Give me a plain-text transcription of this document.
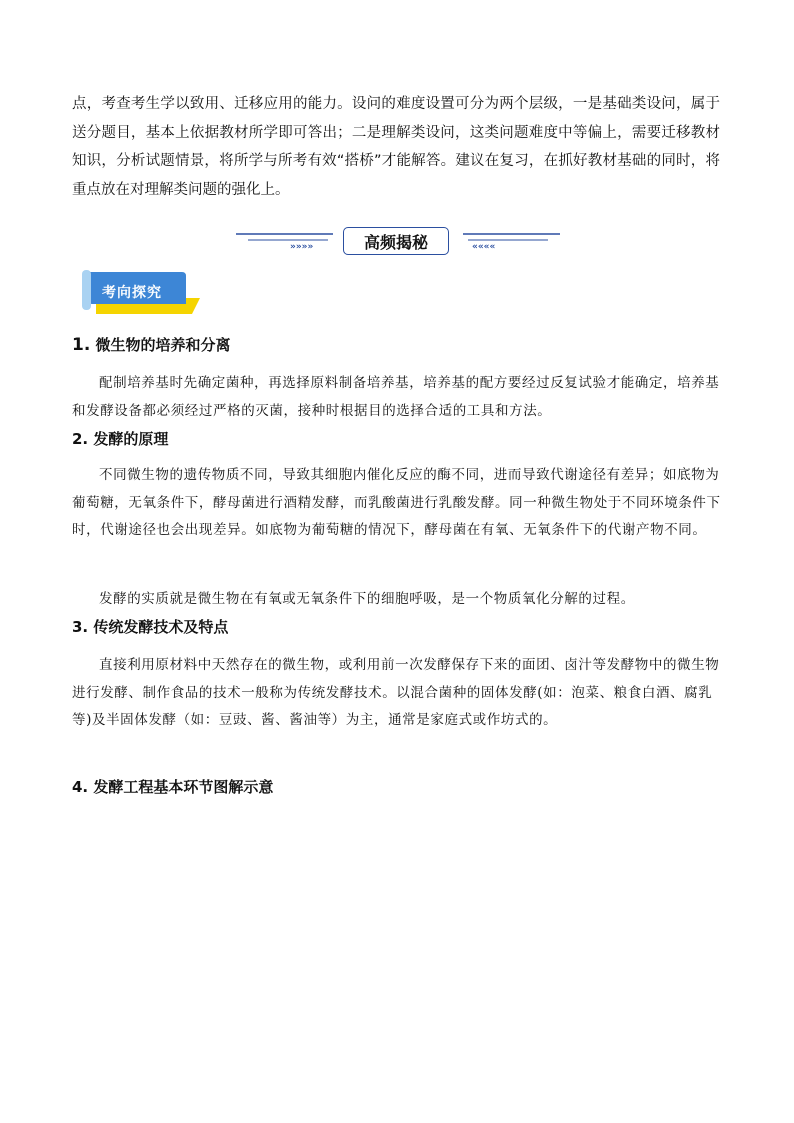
点，考查考生学以致用、迁移应用的能力。设问的难度设置可分为两个层级，一是基础类设问，属于送分题目，基本上依据教材所学即可答出；二是理解类设问，这类问题难度中等偏上，需要迁移教材知识，分析试题情景，将所学与所考有效“搭桥”才能解答。建议在复习，在抓好教材基础的同时，将重点放在对理解类问题的强化上。

»»»»	««««
高频揭秘
考向探究

1. 微生物的培养和分离

配制培养基时先确定菌种，再选择原料制备培养基，培养基的配方要经过反复试验才能确定，培养基和发酵设备都必须经过严格的灭菌，接种时根据目的选择合适的工具和方法。

2. 发酵的原理

不同微生物的遗传物质不同，导致其细胞内催化反应的酶不同，进而导致代谢途径有差异；如底物为葡萄糖，无氧条件下，酵母菌进行酒精发酵，而乳酸菌进行乳酸发酵。同一种微生物处于不同环境条件下时，代谢途径也会出现差异。如底物为葡萄糖的情况下，酵母菌在有氧、无氧条件下的代谢产物不同。

发酵的实质就是微生物在有氧或无氧条件下的细胞呼吸，是一个物质氧化分解的过程。

3. 传统发酵技术及特点

直接利用原材料中天然存在的微生物，或利用前一次发酵保存下来的面团、卤汁等发酵物中的微生物进行发酵、制作食品的技术一般称为传统发酵技术。以混合菌种的固体发酵(如：泡菜、粮食白酒、腐乳等)及半固体发酵（如：豆豉、酱、酱油等）为主，通常是家庭式或作坊式的。

4. 发酵工程基本环节图解示意
